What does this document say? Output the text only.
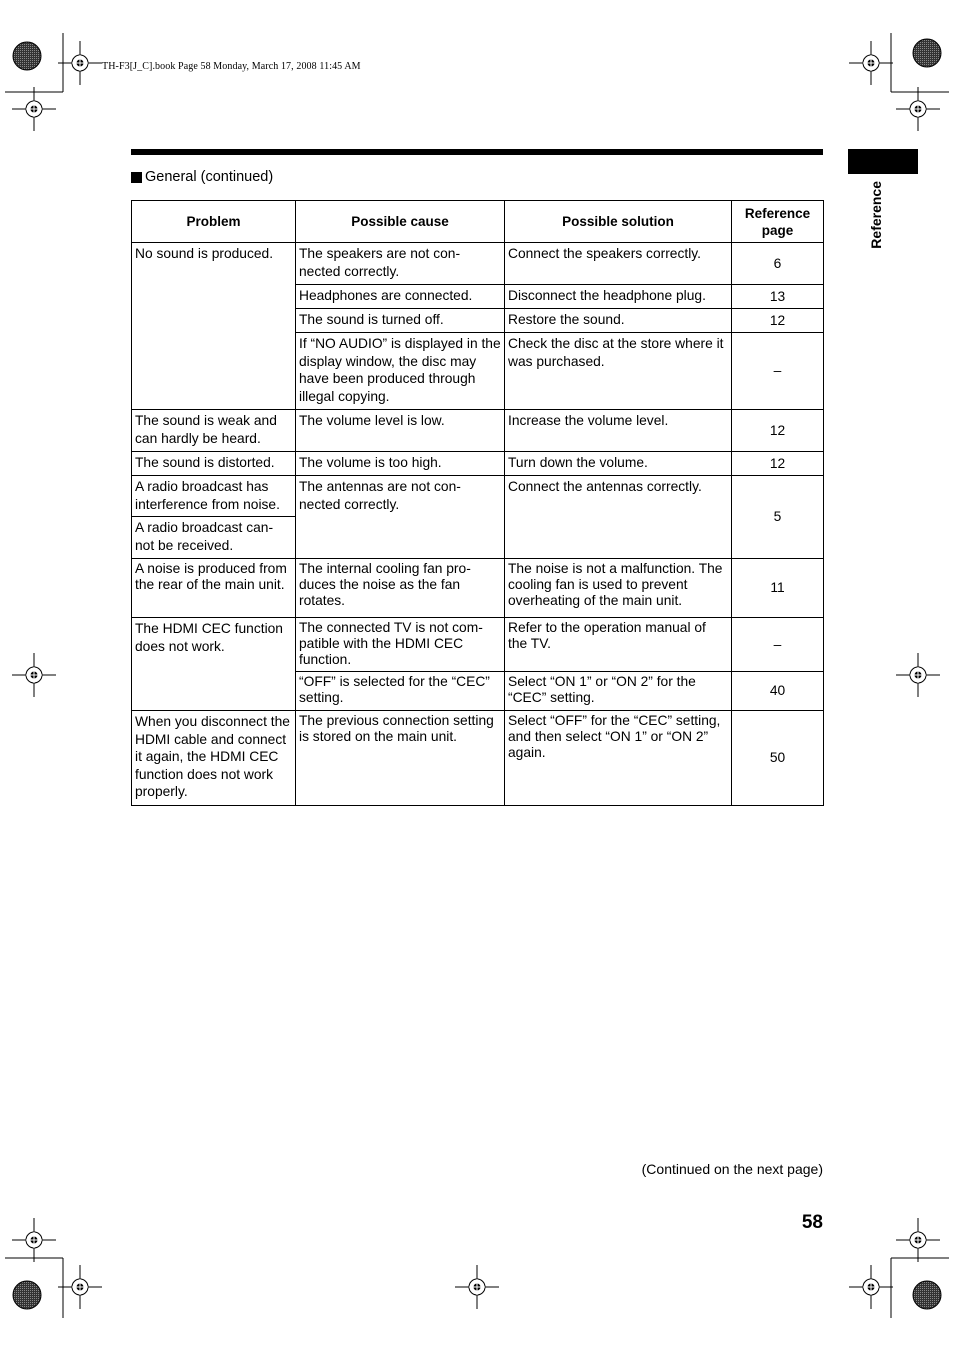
TH-F3[J_C].book Page 58 Monday, March 17, 2008 11:45 AM
Reference
General (continued)
Problem	Possible cause	Possible solution	Reference page
No sound is produced.	The speakers are not con-nected correctly.	Connect the speakers correctly.	6
	Headphones are connected.	Disconnect the headphone plug.	13
	The sound is turned off.	Restore the sound.	12
	If “NO AUDIO” is displayed in the display window, the disc may have been produced through illegal copying.	Check the disc at the store where it was purchased.	–
The sound is weak and can hardly be heard.	The volume level is low.	Increase the volume level.	12
The sound is distorted.	The volume is too high.	Turn down the volume.	12
A radio broadcast has interference from noise.	The antennas are not con-nected correctly.	Connect the antennas correctly.	5
A radio broadcast can-not be received.			
A noise is produced from the rear of the main unit.	The internal cooling fan pro-duces the noise as the fan rotates.	The noise is not a malfunction. The cooling fan is used to prevent overheating of the main unit.	11
The HDMI CEC function does not work.	The connected TV is not com-patible with the HDMI CEC function.	Refer to the operation manual of the TV.	–
	“OFF” is selected for the “CEC” setting.	Select “ON 1” or “ON 2” for the “CEC” setting.	40
When you disconnect the HDMI cable and connect it again, the HDMI CEC function does not work properly.	The previous connection setting is stored on the main unit.	Select “OFF” for the “CEC” setting, and then select “ON 1” or “ON 2” again.	50
(Continued on the next page)
58
